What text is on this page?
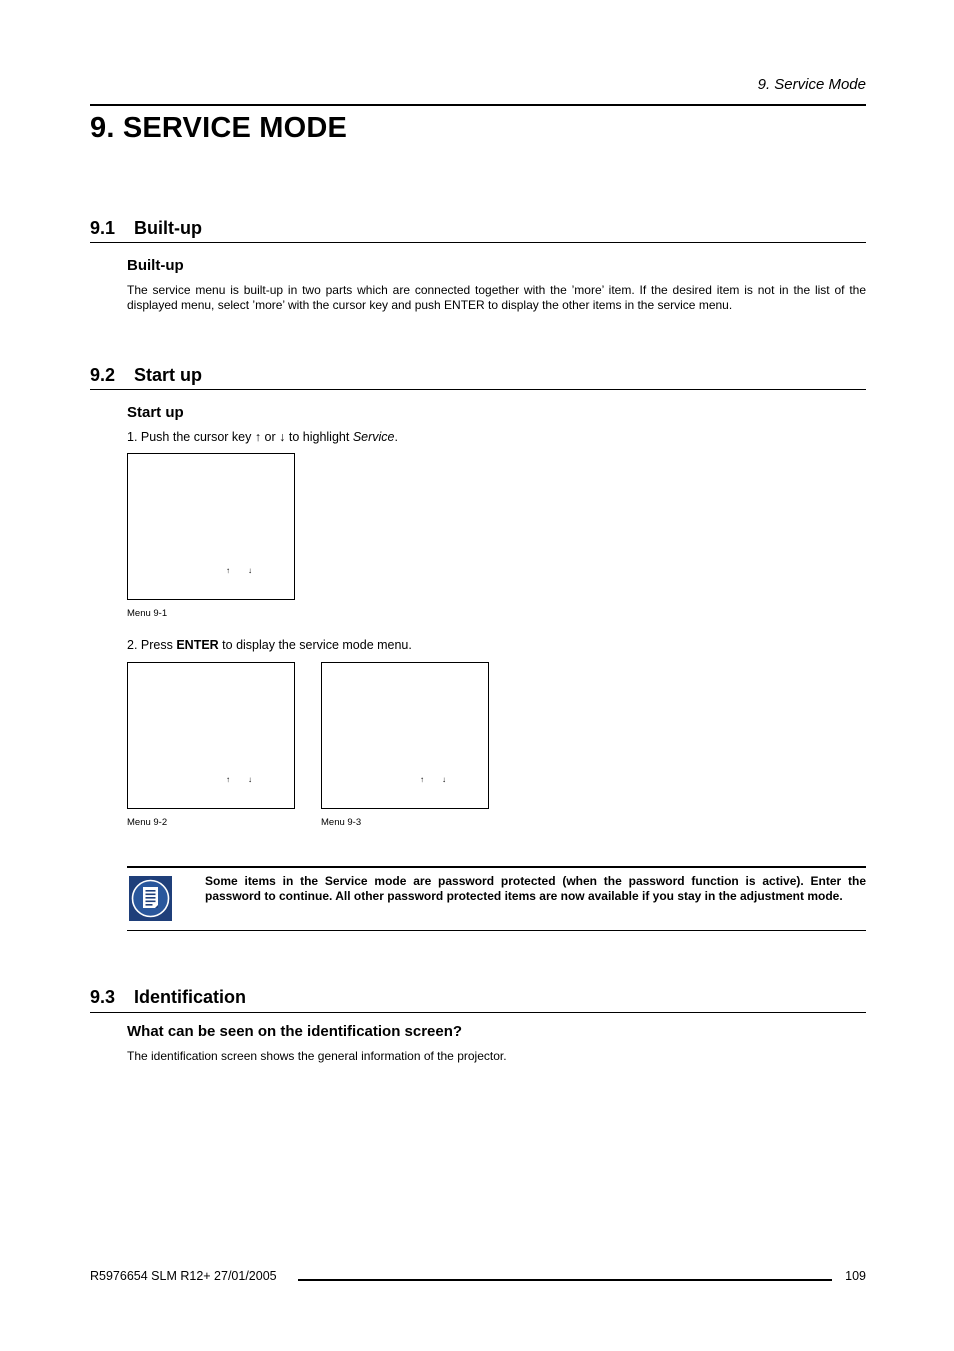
9. Service Mode
9. SERVICE MODE
9.1 Built-up
Built-up
The service menu is built-up in two parts which are connected together with the ’more’ item. If the desired item is not in the list of the displayed menu, select ’more’ with the cursor key and push ENTER to display the other items in the service menu.
9.2 Start up
Start up
1. Push the cursor key ↑ or ↓ to highlight Service.
↑ ↓
Menu 9-1
2. Press ENTER to display the service mode menu.
↑ ↓
Menu 9-2
↑ ↓
Menu 9-3
Some items in the Service mode are password protected (when the password function is active). Enter the password to continue. All other password protected items are now available if you stay in the adjustment mode.
9.3 Identification
What can be seen on the identification screen?
The identification screen shows the general information of the projector.
R5976654 SLM R12+ 27/01/2005	109
